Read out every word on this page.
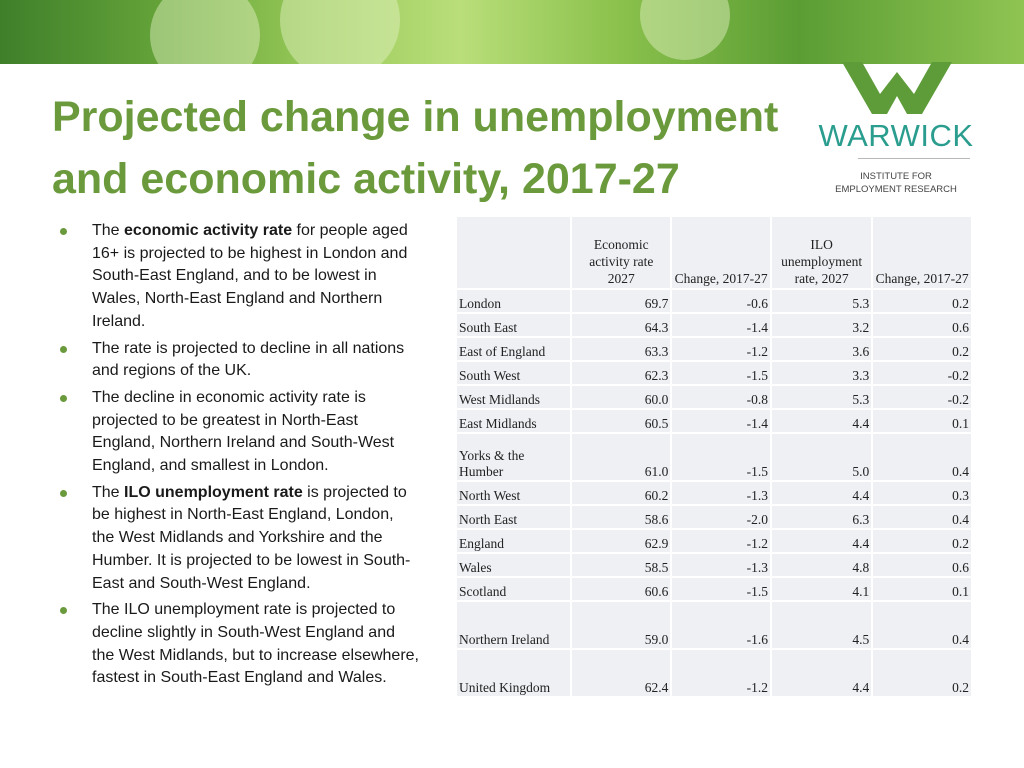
Projected change in unemployment
and economic activity, 2017-27
WARWICK
INSTITUTE FOR
EMPLOYMENT RESEARCH
The economic activity rate for people aged 16+ is projected to be highest in London and South-East England, and to be lowest in Wales, North-East England and Northern Ireland.
The rate is projected to decline in all nations and regions of the UK.
The decline in economic activity rate is projected to be greatest in North-East England, Northern Ireland and South-West England, and smallest in London.
The ILO unemployment rate is projected to be highest in North-East England, London, the West Midlands and Yorkshire and the Humber. It is projected to be lowest in South-East and South-West England.
The ILO unemployment rate is projected to decline slightly in South-West England and the West Midlands, but to increase elsewhere, fastest in South-East England and Wales.
	Economic activity rate 2027	Change, 2017-27	ILO unemployment rate, 2027	Change, 2017-27
London	69.7	-0.6	5.3	0.2
South East	64.3	-1.4	3.2	0.6
East of England	63.3	-1.2	3.6	0.2
South West	62.3	-1.5	3.3	-0.2
West Midlands	60.0	-0.8	5.3	-0.2
East Midlands	60.5	-1.4	4.4	0.1
Yorks & the Humber	61.0	-1.5	5.0	0.4
North West	60.2	-1.3	4.4	0.3
North East	58.6	-2.0	6.3	0.4
England	62.9	-1.2	4.4	0.2
Wales	58.5	-1.3	4.8	0.6
Scotland	60.6	-1.5	4.1	0.1
Northern Ireland	59.0	-1.6	4.5	0.4
United Kingdom	62.4	-1.2	4.4	0.2
